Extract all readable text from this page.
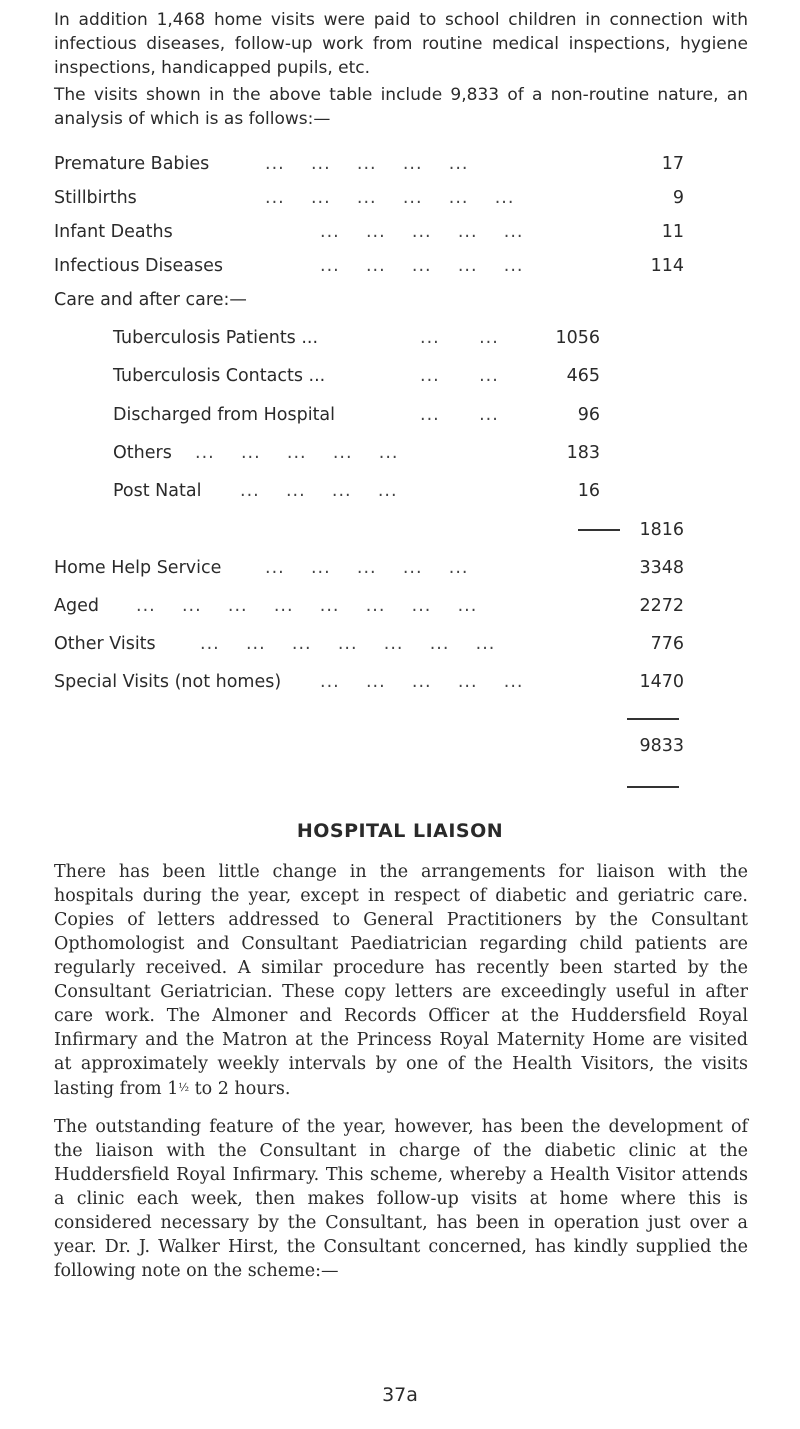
In addition 1,468 home visits were paid to school children in connection with infectious diseases, follow-up work from routine medical inspections, hygiene inspections, handicapped pupils, etc.

The visits shown in the above table include 9,833 of a non-routine nature, an analysis of which is as follows:—

Premature Babies	...    ...    ...    ...    ...	17
Stillbirths	...    ...    ...    ...    ...    ...	9
Infant Deaths	...    ...    ...    ...    ...	11
Infectious Diseases	...    ...    ...    ...    ...	114
Care and after care:—
Tuberculosis Patients ...	...      ...	1056
Tuberculosis Contacts ...	...      ...	465
Discharged from Hospital	...      ...	96
Others ...    ...    ...    ...    ...	183
Post Natal ...    ...    ...    ...	16
1816
Home Help Service ...    ...    ...    ...    ...	3348
Aged ...    ...    ...    ...    ...    ...    ...    ...	2272
Other Visits	...    ...    ...    ...    ...    ...    ...	776
Special Visits (not homes) ...    ...    ...    ...    ...	1470
9833
HOSPITAL LIAISON

There has been little change in the arrangements for liaison with the hospitals during the year, except in respect of diabetic and geriatric care. Copies of letters addressed to General Practitioners by the Consultant Opthomologist and Consultant Paediatrician regarding child patients are regularly received. A similar procedure has recently been started by the Consultant Geriatrician. These copy letters are exceedingly useful in after care work. The Almoner and Records Officer at the Huddersfield Royal Infirmary and the Matron at the Princess Royal Maternity Home are visited at approximately weekly intervals by one of the Health Visitors, the visits lasting from 1½ to 2 hours.

The outstanding feature of the year, however, has been the development of the liaison with the Consultant in charge of the diabetic clinic at the Huddersfield Royal Infirmary. This scheme, whereby a Health Visitor attends a clinic each week, then makes follow-up visits at home where this is considered necessary by the Consultant, has been in operation just over a year. Dr. J. Walker Hirst, the Consultant concerned, has kindly supplied the following note on the scheme:—

37a
